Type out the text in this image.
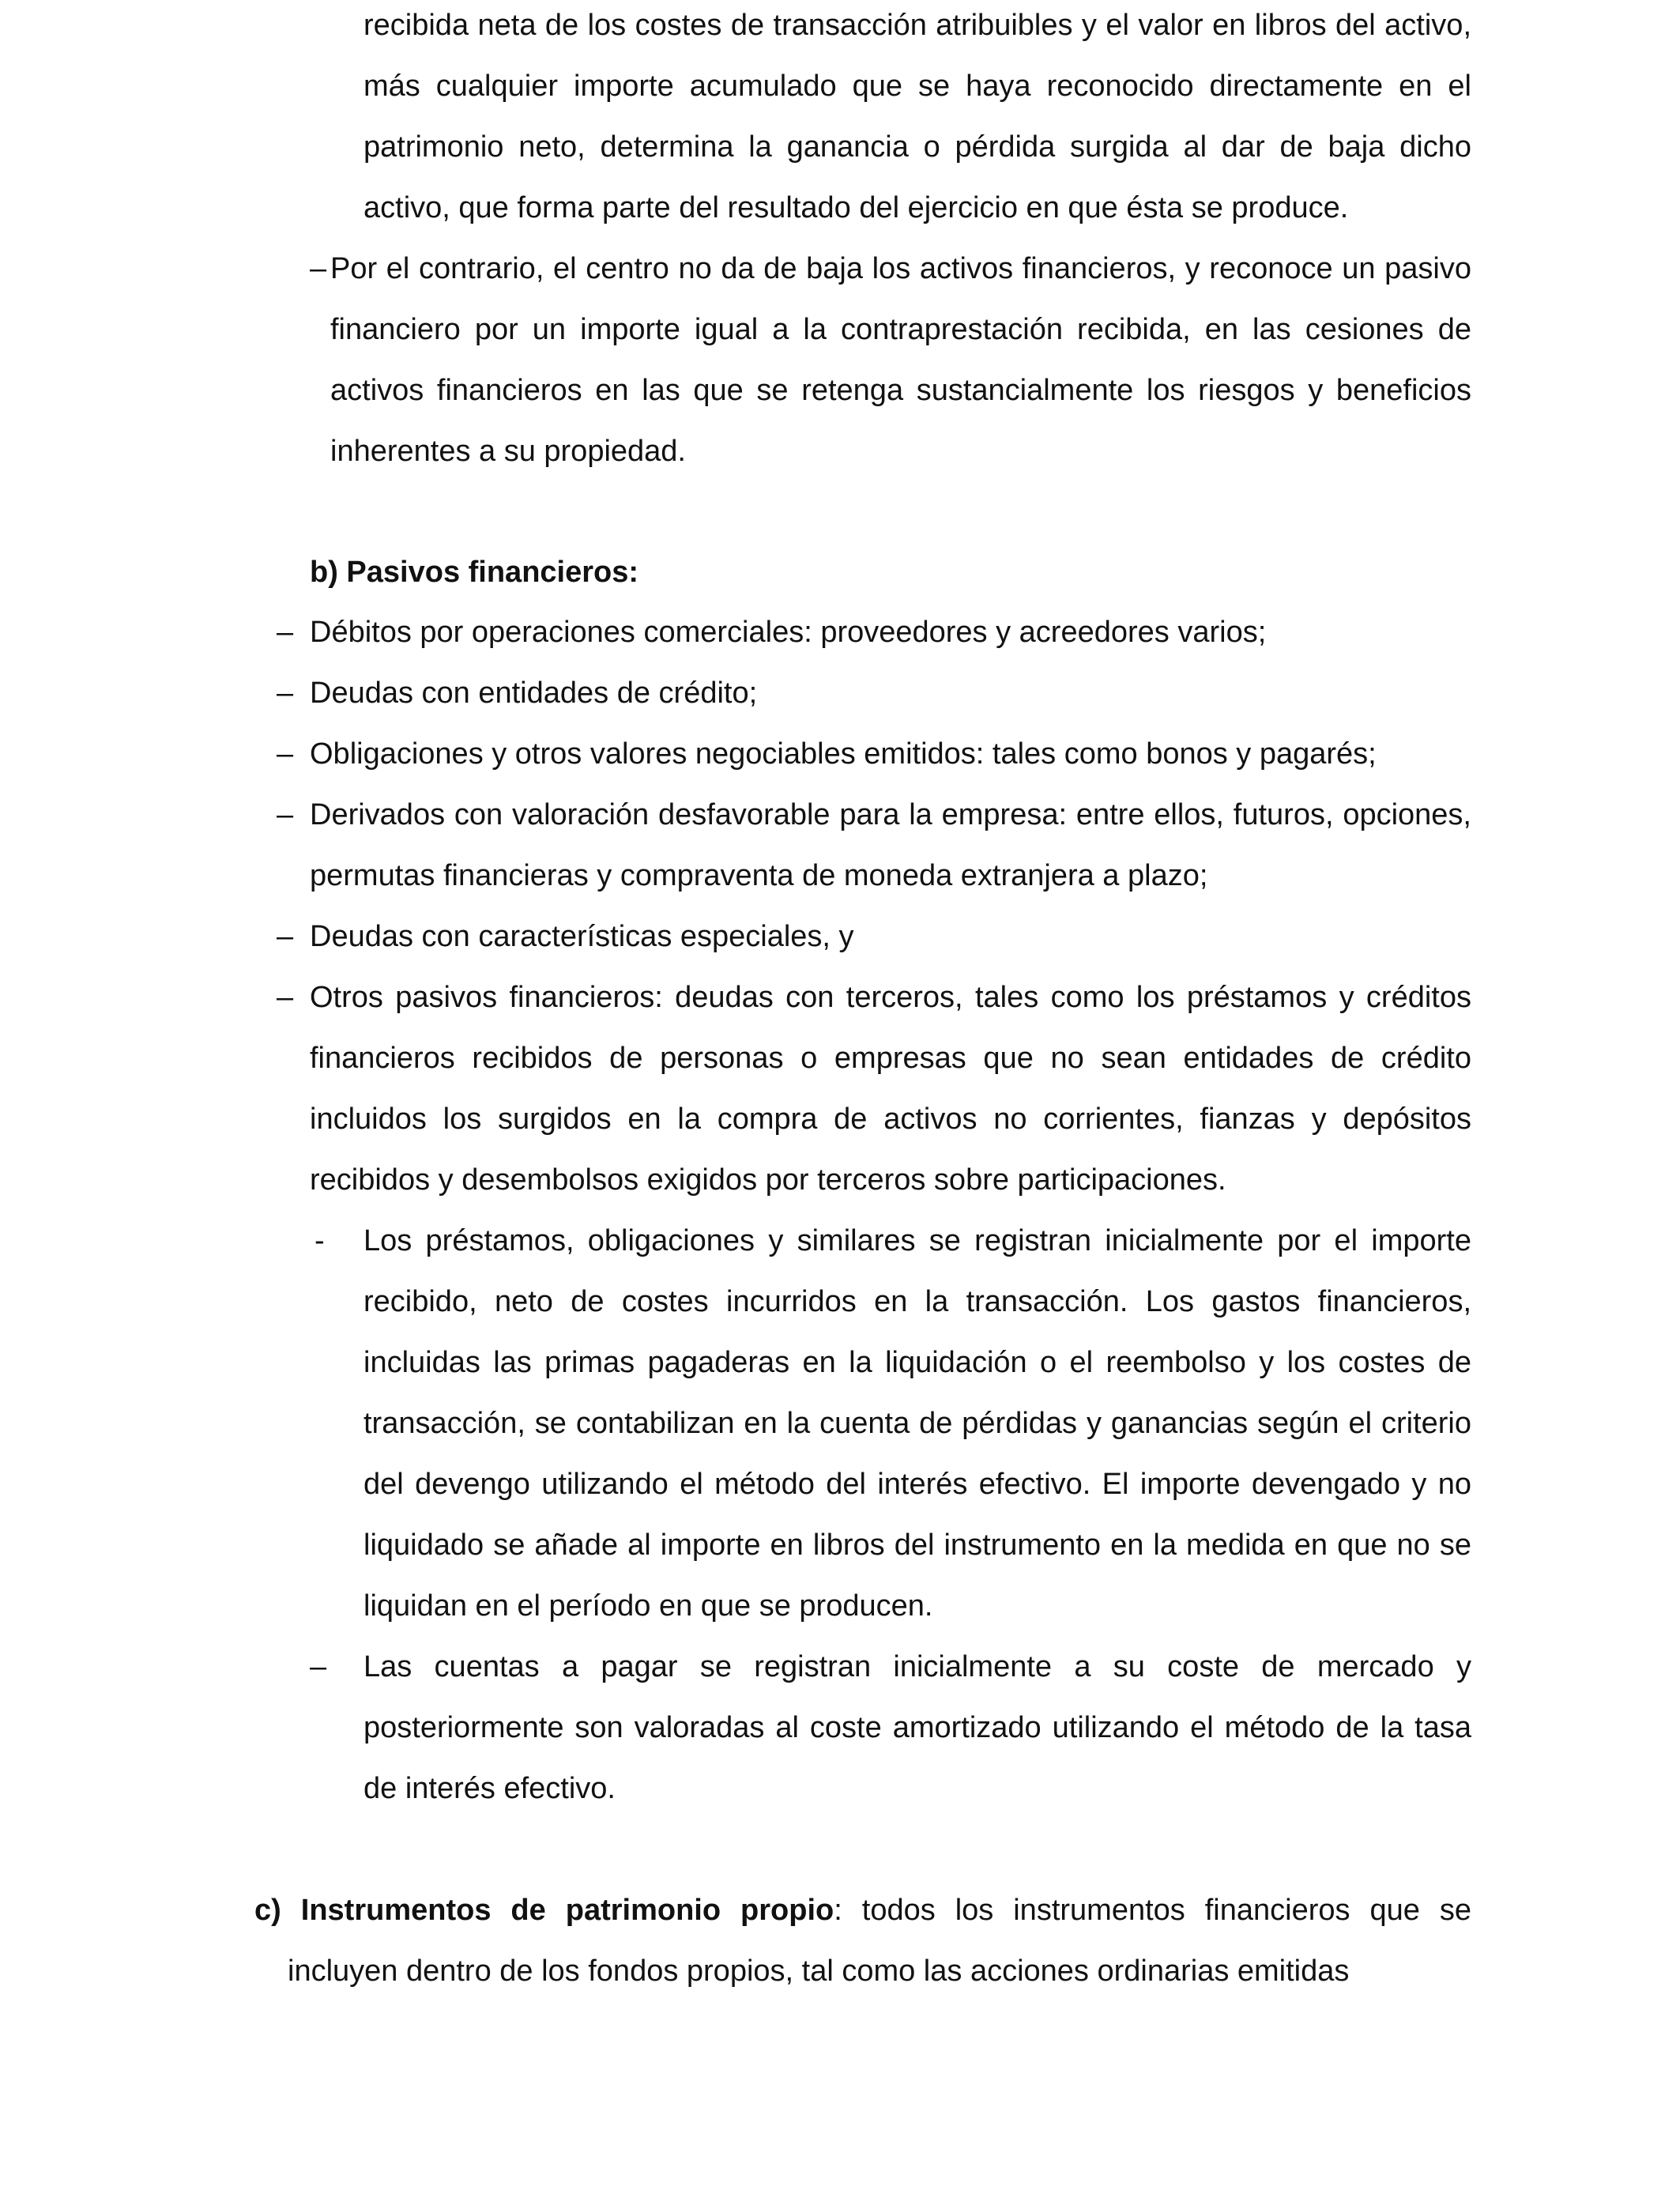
recibida neta de los costes de transacción atribuibles y el valor en libros del activo, más cualquier importe acumulado que se haya reconocido directamente en el patrimonio neto, determina la ganancia o pérdida surgida al dar de baja dicho activo, que forma parte del resultado del ejercicio en que ésta se produce.

– Por el contrario, el centro no da de baja los activos financieros, y reconoce un pasivo financiero por un importe igual a la contraprestación recibida, en las cesiones de activos financieros en las que se retenga sustancialmente los riesgos y beneficios inherentes a su propiedad.

b) Pasivos financieros:
– Débitos por operaciones comerciales: proveedores y acreedores varios;

– Deudas con entidades de crédito;

– Obligaciones y otros valores negociables emitidos: tales como bonos y pagarés;

– Derivados con valoración desfavorable para la empresa: entre ellos, futuros, opciones, permutas financieras y compraventa de moneda extranjera a plazo;

– Deudas con características especiales, y

– Otros pasivos financieros: deudas con terceros, tales como los préstamos y créditos financieros recibidos de personas o empresas que no sean entidades de crédito incluidos los surgidos en la compra de activos no corrientes, fianzas y depósitos recibidos y desembolsos exigidos por terceros sobre participaciones.

- Los préstamos, obligaciones y similares se registran inicialmente por el importe recibido, neto de costes incurridos en la transacción. Los gastos financieros, incluidas las primas pagaderas en la liquidación o el reembolso y los costes de transacción, se contabilizan en la cuenta de pérdidas y ganancias según el criterio del devengo utilizando el método del interés efectivo. El importe devengado y no liquidado se añade al importe en libros del instrumento en la medida en que no se liquidan en el período en que se producen.

– Las cuentas a pagar se registran inicialmente a su coste de mercado y posteriormente son valoradas al coste amortizado utilizando el método de la tasa de interés efectivo.

c) Instrumentos de patrimonio propio: todos los instrumentos financieros que se incluyen dentro de los fondos propios, tal como las acciones ordinarias emitidas
